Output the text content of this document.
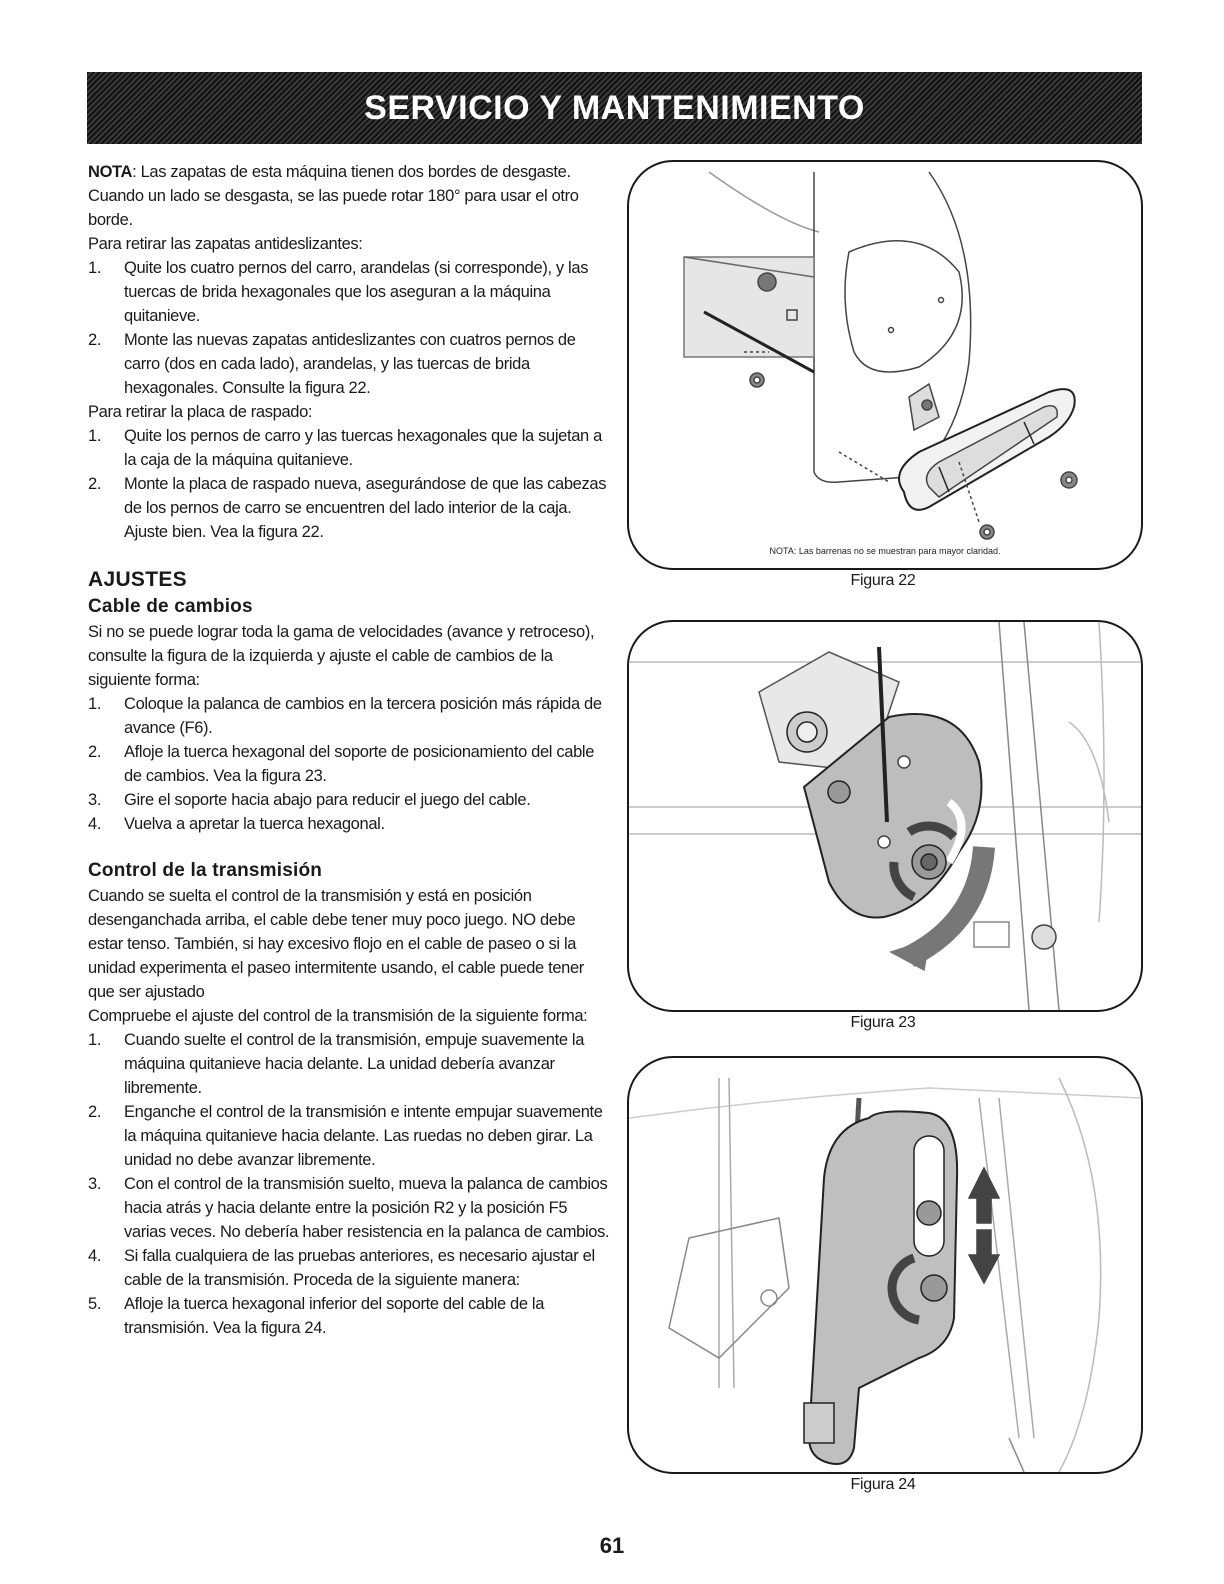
SERVICIO Y MANTENIMIENTO

NOTA: Las zapatas de esta máquina tienen dos bordes de desgaste. Cuando un lado se desgasta, se las puede rotar 180° para usar el otro borde.

Para retirar las zapatas antideslizantes:

1. Quite los cuatro pernos del carro, arandelas (si corresponde), y las tuercas de brida hexagonales que los aseguran a la máquina quitanieve.
2. Monte las nuevas zapatas antideslizantes con cuatros pernos de carro (dos en cada lado), arandelas, y las tuercas de brida hexagonales. Consulte la figura 22.

Para retirar la placa de raspado:

1. Quite los pernos de carro y las tuercas hexagonales que la sujetan a la caja de la máquina quitanieve.
2. Monte la placa de raspado nueva, asegurándose de que las cabezas de los pernos de carro se encuentren del lado interior de la caja. Ajuste bien. Vea la figura 22.
AJUSTES
Cable de cambios

Si no se puede lograr toda la gama de velocidades (avance y retroceso), consulte la figura de la izquierda y ajuste el cable de cambios de la siguiente forma:

1. Coloque la palanca de cambios en la tercera posición más rápida de avance (F6).
2. Afloje la tuerca hexagonal del soporte de posicionamiento del cable de cambios. Vea la figura 23.
3. Gire el soporte hacia abajo para reducir el juego del cable.
4. Vuelva a apretar la tuerca hexagonal.
Control de la transmisión

Cuando se suelta el control de la transmisión y está en posición desenganchada arriba, el cable debe tener muy poco juego. NO debe estar tenso. También, si hay excesivo flojo en el cable de paseo o si la unidad experimenta el paseo intermitente usando, el cable puede tener que ser ajustado

Compruebe el ajuste del control de la transmisión de la siguiente forma:

1. Cuando suelte el control de la transmisión, empuje suavemente la máquina quitanieve hacia delante. La unidad debería avanzar libremente.
2. Enganche el control de la transmisión e intente empujar suavemente la máquina quitanieve hacia delante. Las ruedas no deben girar. La unidad no debe avanzar libremente.
3. Con el control de la transmisión suelto, mueva la palanca de cambios hacia atrás y hacia delante entre la posición R2 y la posición F5 varias veces. No debería haber resistencia en la palanca de cambios.
4. Si falla cualquiera de las pruebas anteriores, es necesario ajustar el cable de la transmisión. Proceda de la siguiente manera:
5. Afloje la tuerca hexagonal inferior del soporte del cable de la transmisión. Vea la figura 24.
NOTA: Las barrenas no se muestran para mayor claridad.
Figura 22
Figura 23
Figura 24
61
